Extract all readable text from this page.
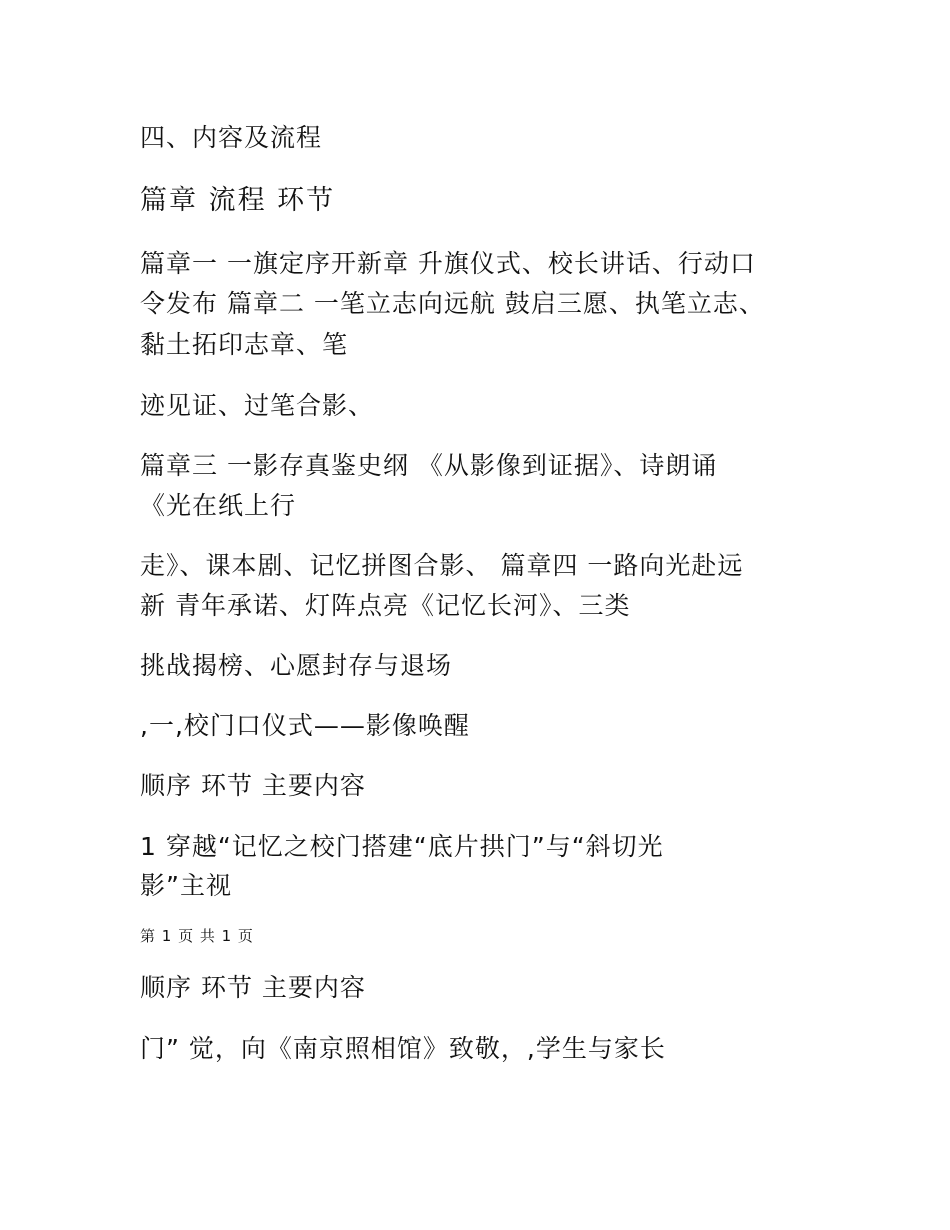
四、内容及流程

篇章 流程 环节

篇章一 一旗定序开新章 升旗仪式、校长讲话、行动口

令发布 篇章二 一笔立志向远航 鼓启三愿、执笔立志、

黏土拓印志章、笔

迹见证、过笔合影、

篇章三 一影存真鉴史纲 《从影像到证据》、诗朗诵

《光在纸上行

走》、课本剧、记忆拼图合影、 篇章四 一路向光赴远

新 青年承诺、灯阵点亮《记忆长河》、三类

挑战揭榜、心愿封存与退场

,一,校门口仪式——影像唤醒

顺序 环节 主要内容

1 穿越“记忆之校门搭建“底片拱门”与“斜切光

影”主视

第 1 页 共 1 页

顺序 环节 主要内容

门” 觉，向《南京照相馆》致敬，,学生与家长
